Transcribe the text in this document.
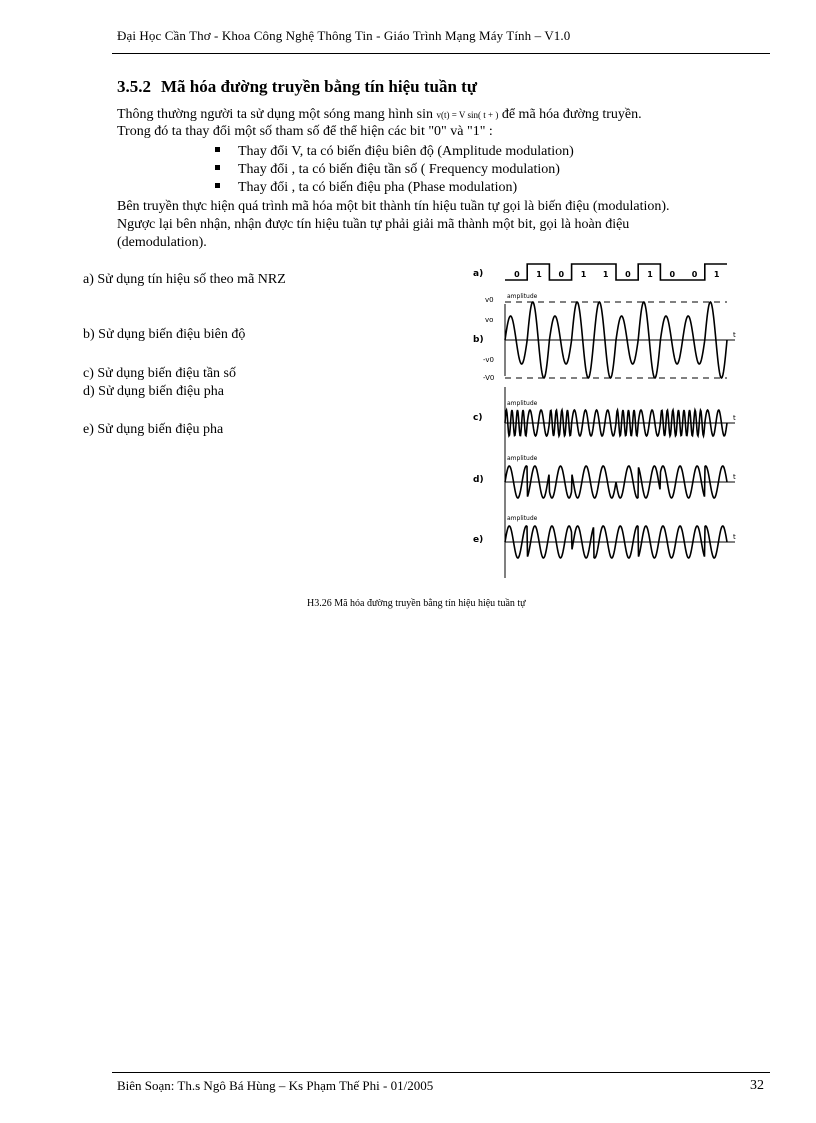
Đại Học Cần Thơ - Khoa Công Nghệ Thông Tin - Giáo Trình Mạng Máy Tính – V1.0
3.5.2 Mã hóa đường truyền bằng tín hiệu tuần tự
Thông thường người ta sử dụng một sóng mang hình sin v(t) = V sin( t + ) để mã hóa đường truyền.
Trong đó ta thay đổi một số tham số để thể hiện các bit "0" và "1" :
Thay đổi V, ta có biến điệu biên độ (Amplitude modulation)
Thay đổi , ta có biến điệu tần số ( Frequency modulation)
Thay đổi , ta có biến điệu pha (Phase modulation)
Bên truyền thực hiện quá trình mã hóa một bit thành tín hiệu tuần tự gọi là biến điệu (modulation).
Ngược lại bên nhận, nhận được tín hiệu tuần tự phải giải mã thành một bit, gọi là hoàn điệu
(demodulation).
a) Sử dụng tín hiệu số theo mã NRZ
b) Sử dụng biến điệu biên độ
c) Sử dụng biến điệu tần số
d) Sử dụng biến điệu pha
e) Sử dụng biến điệu pha
0 1 0 1 1 0 1 0 0 1
a)
b)
c)
d)
e)
t
v0
vo
-v0
-V0
amplitude
t
amplitude
t
amplitude
t
amplitude
H3.26 Mã hóa đường truyền bằng tín hiệu hiệu tuần tự
Biên Soạn: Th.s Ngô Bá Hùng – Ks Phạm Thế Phi - 01/2005	32
